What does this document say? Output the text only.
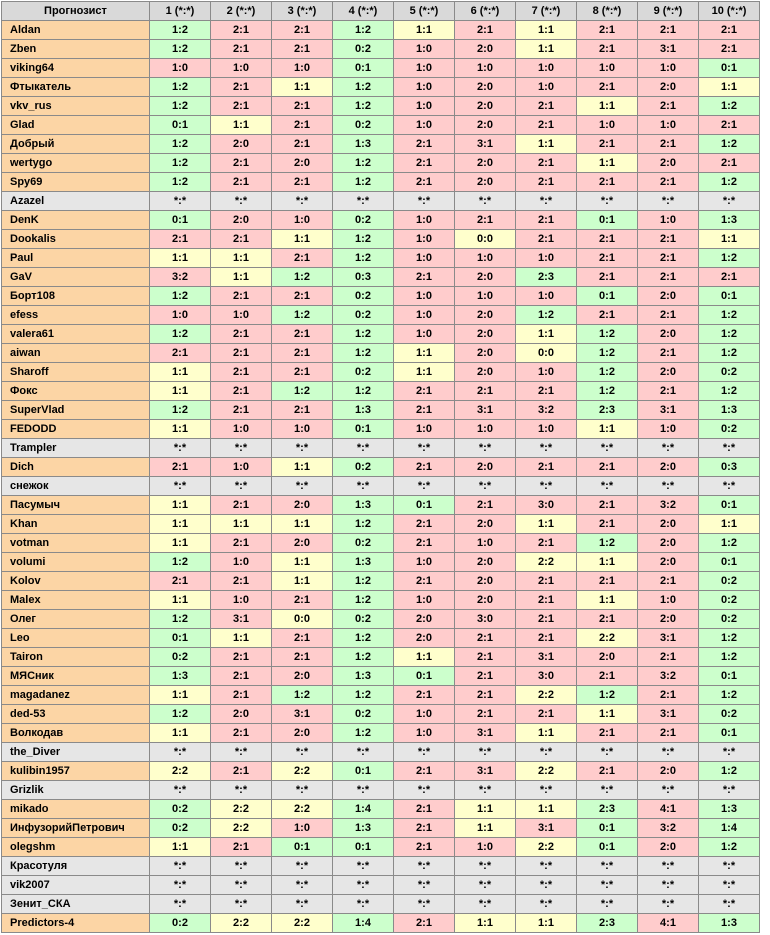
Прогнозист	1 (*:*)	2 (*:*)	3 (*:*)	4 (*:*)	5 (*:*)	6 (*:*)	7 (*:*)	8 (*:*)	9 (*:*)	10 (*:*)
Aldan	1:2	2:1	2:1	1:2	1:1	2:1	1:1	2:1	2:1	2:1
Zben	1:2	2:1	2:1	0:2	1:0	2:0	1:1	2:1	3:1	2:1
viking64	1:0	1:0	1:0	0:1	1:0	1:0	1:0	1:0	1:0	0:1
Фтыкатель	1:2	2:1	1:1	1:2	1:0	2:0	1:0	2:1	2:0	1:1
vkv_rus	1:2	2:1	2:1	1:2	1:0	2:0	2:1	1:1	2:1	1:2
Glad	0:1	1:1	2:1	0:2	1:0	2:0	2:1	1:0	1:0	2:1
Добрый	1:2	2:0	2:1	1:3	2:1	3:1	1:1	2:1	2:1	1:2
wertygo	1:2	2:1	2:0	1:2	2:1	2:0	2:1	1:1	2:0	2:1
Spy69	1:2	2:1	2:1	1:2	2:1	2:0	2:1	2:1	2:1	1:2
Azazel	*:*	*:*	*:*	*:*	*:*	*:*	*:*	*:*	*:*	*:*
DenK	0:1	2:0	1:0	0:2	1:0	2:1	2:1	0:1	1:0	1:3
Dookalis	2:1	2:1	1:1	1:2	1:0	0:0	2:1	2:1	2:1	1:1
Paul	1:1	1:1	2:1	1:2	1:0	1:0	1:0	2:1	2:1	1:2
GaV	3:2	1:1	1:2	0:3	2:1	2:0	2:3	2:1	2:1	2:1
Борт108	1:2	2:1	2:1	0:2	1:0	1:0	1:0	0:1	2:0	0:1
efess	1:0	1:0	1:2	0:2	1:0	2:0	1:2	2:1	2:1	1:2
valera61	1:2	2:1	2:1	1:2	1:0	2:0	1:1	1:2	2:0	1:2
aiwan	2:1	2:1	2:1	1:2	1:1	2:0	0:0	1:2	2:1	1:2
Sharoff	1:1	2:1	2:1	0:2	1:1	2:0	1:0	1:2	2:0	0:2
Фокс	1:1	2:1	1:2	1:2	2:1	2:1	2:1	1:2	2:1	1:2
SuperVlad	1:2	2:1	2:1	1:3	2:1	3:1	3:2	2:3	3:1	1:3
FEDODD	1:1	1:0	1:0	0:1	1:0	1:0	1:0	1:1	1:0	0:2
Trampler	*:*	*:*	*:*	*:*	*:*	*:*	*:*	*:*	*:*	*:*
Dich	2:1	1:0	1:1	0:2	2:1	2:0	2:1	2:1	2:0	0:3
снежок	*:*	*:*	*:*	*:*	*:*	*:*	*:*	*:*	*:*	*:*
Пасумыч	1:1	2:1	2:0	1:3	0:1	2:1	3:0	2:1	3:2	0:1
Khan	1:1	1:1	1:1	1:2	2:1	2:0	1:1	2:1	2:0	1:1
votman	1:1	2:1	2:0	0:2	2:1	1:0	2:1	1:2	2:0	1:2
volumi	1:2	1:0	1:1	1:3	1:0	2:0	2:2	1:1	2:0	0:1
Kolov	2:1	2:1	1:1	1:2	2:1	2:0	2:1	2:1	2:1	0:2
Malex	1:1	1:0	2:1	1:2	1:0	2:0	2:1	1:1	1:0	0:2
Олег	1:2	3:1	0:0	0:2	2:0	3:0	2:1	2:1	2:0	0:2
Leo	0:1	1:1	2:1	1:2	2:0	2:1	2:1	2:2	3:1	1:2
Tairon	0:2	2:1	2:1	1:2	1:1	2:1	3:1	2:0	2:1	1:2
МЯСник	1:3	2:1	2:0	1:3	0:1	2:1	3:0	2:1	3:2	0:1
magadanez	1:1	2:1	1:2	1:2	2:1	2:1	2:2	1:2	2:1	1:2
ded-53	1:2	2:0	3:1	0:2	1:0	2:1	2:1	1:1	3:1	0:2
Волкодав	1:1	2:1	2:0	1:2	1:0	3:1	1:1	2:1	2:1	0:1
the_Diver	*:*	*:*	*:*	*:*	*:*	*:*	*:*	*:*	*:*	*:*
kulibin1957	2:2	2:1	2:2	0:1	2:1	3:1	2:2	2:1	2:0	1:2
Grizlik	*:*	*:*	*:*	*:*	*:*	*:*	*:*	*:*	*:*	*:*
mikado	0:2	2:2	2:2	1:4	2:1	1:1	1:1	2:3	4:1	1:3
ИнфузорийПетрович	0:2	2:2	1:0	1:3	2:1	1:1	3:1	0:1	3:2	1:4
olegshm	1:1	2:1	0:1	0:1	2:1	1:0	2:2	0:1	2:0	1:2
Красотуля	*:*	*:*	*:*	*:*	*:*	*:*	*:*	*:*	*:*	*:*
vik2007	*:*	*:*	*:*	*:*	*:*	*:*	*:*	*:*	*:*	*:*
Зенит_СКА	*:*	*:*	*:*	*:*	*:*	*:*	*:*	*:*	*:*	*:*
Predictors-4	0:2	2:2	2:2	1:4	2:1	1:1	1:1	2:3	4:1	1:3
